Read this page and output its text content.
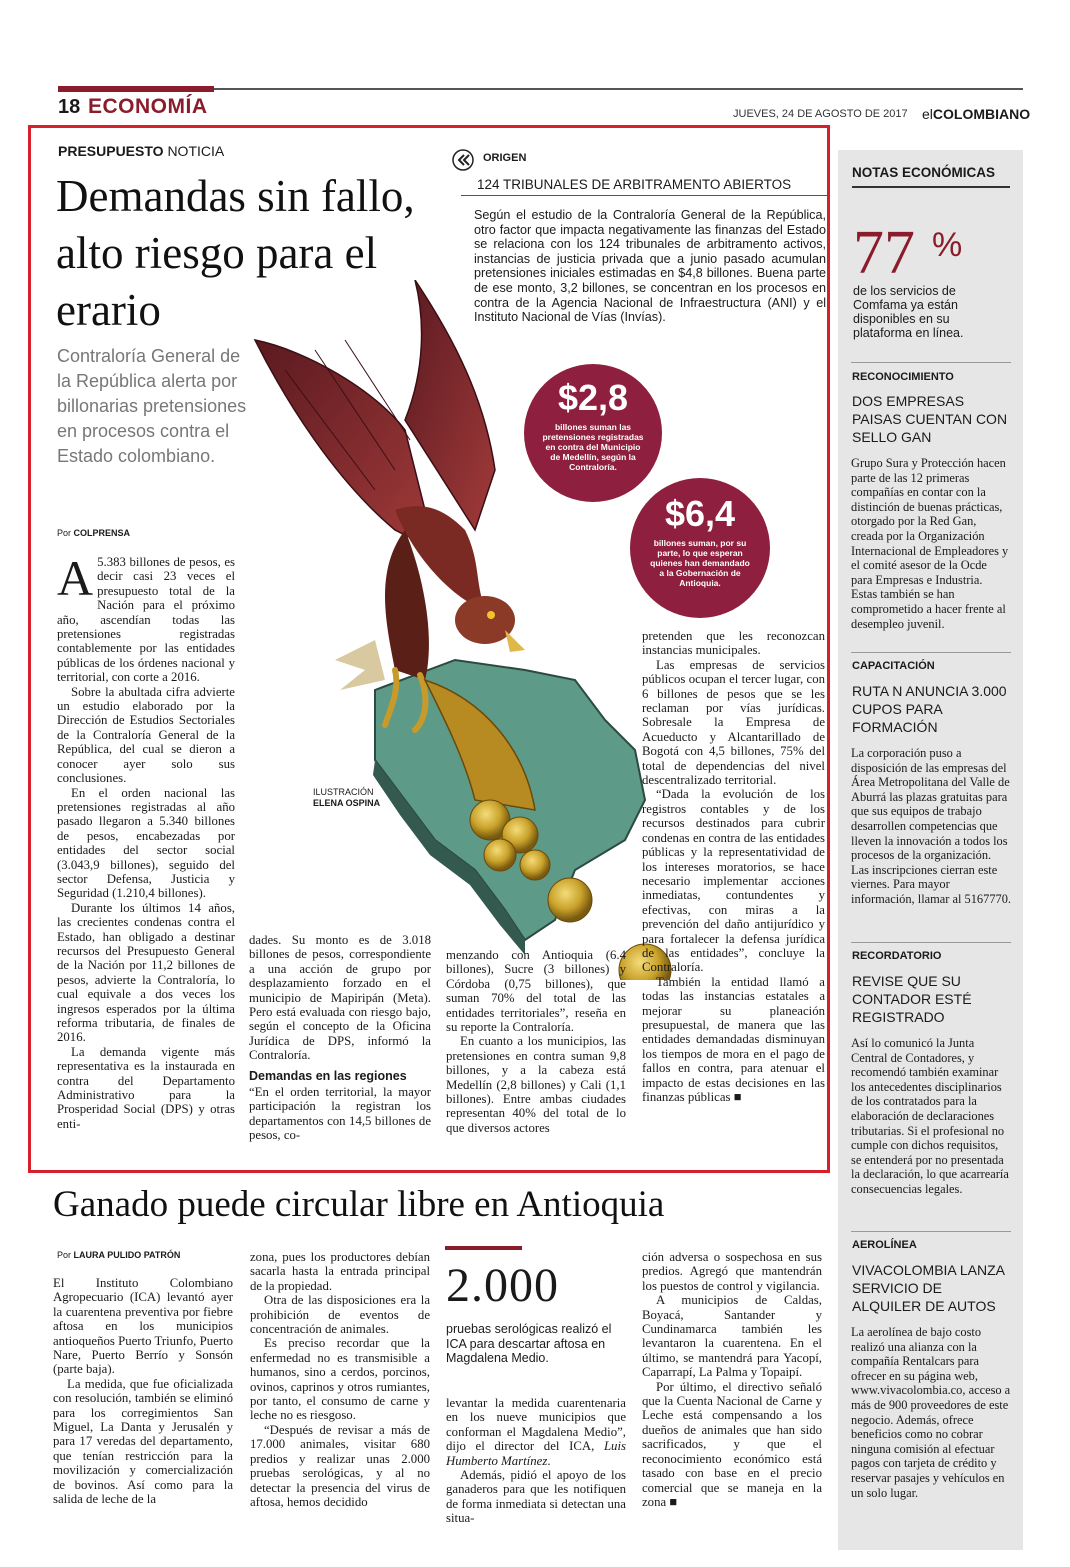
18 ECONOMÍA	JUEVES, 24 DE AGOSTO DE 2017 elCOLOMBIANO
PRESUPUESTO NOTICIA
Demandas sin fallo, alto riesgo para el erario
Contraloría General de la República alerta por billonarias pretensiones en procesos contra el Estado colombiano.
Por COLPRENSA
ILUSTRACIÓN
ELENA OSPINA
ORIGEN
124 TRIBUNALES DE ARBITRAMENTO ABIERTOS
Según el estudio de la Contraloría General de la República, otro factor que impacta negativamente las finanzas del Estado se relaciona con los 124 tribunales de arbitramento activos, instancias de justicia privada que a junio pasado acumulan pretensiones iniciales estimadas en $4,8 billones. Buena parte de ese monto, 3,2 billones, se concentran en los procesos en contra de la Agencia Nacional de Infraestructura (ANI) y el Instituto Nacional de Vías (Invías).
$2,8
billones suman las pretensiones registradas en contra del Municipio de Medellín, según la Contraloría.
$6,4
billones suman, por su parte, lo que esperan quienes han demandado a la Gobernación de Antioquia.

A 5.383 billones de pesos, es decir casi 23 veces el presupuesto total de la Nación para el próximo año, ascendían todas las pretensiones registradas contablemente por las entidades públicas de los órdenes nacional y territorial, con corte a 2016.

Sobre la abultada cifra advierte un estudio elaborado por la Dirección de Estudios Sectoriales de la Contraloría General de la República, del cual se dieron a conocer ayer solo sus conclusiones.

En el orden nacional las pretensiones registradas al año pasado llegaron a 5.340 billones de pesos, encabezadas por entidades del sector social (3.043,9 billones), seguido del sector Defensa, Justicia y Seguridad (1.210,4 billones).

Durante los últimos 14 años, las crecientes condenas contra el Estado, han obligado a destinar recursos del Presupuesto General de la Nación por 11,2 billones de pesos, advierte la Contraloría, lo cual equivale a dos veces los ingresos esperados por la última reforma tributaria, de finales de 2016.

La demanda vigente más representativa es la instaurada en contra del Departamento Administrativo para la Prosperidad Social (DPS) y otras enti-

dades. Su monto es de 3.018 billones de pesos, correspondiente a una acción de grupo por desplazamiento forzado en el municipio de Mapiripán (Meta). Pero está evaluada con riesgo bajo, según el concepto de la Oficina Jurídica de DPS, informó la Contraloría.

Demandas en las regiones

“En el orden territorial, la mayor participación la registran los departamentos con 14,5 billones de pesos, co-

menzando con Antioquia (6.4 billones), Sucre (3 billones) y Córdoba (0,75 billones), que suman 70% del total de las entidades territoriales”, reseña en su reporte la Contraloría.

En cuanto a los municipios, las pretensiones en contra suman 9,8 billones, y a la cabeza está Medellín (2,8 billones) y Cali (1,1 billones). Entre ambas ciudades representan 40% del total de lo que diversos actores

pretenden que les reconozcan instancias municipales.

Las empresas de servicios públicos ocupan el tercer lugar, con 6 billones de pesos que se les reclaman por vías jurídicas. Sobresale la Empresa de Acueducto y Alcantarillado de Bogotá con 4,5 billones, 75% del total de dependencias del nivel descentralizado territorial.

“Dada la evolución de los registros contables y de los recursos destinados para cubrir condenas en contra de las entidades públicas y la representatividad de los intereses moratorios, se hace necesario implementar acciones inmediatas, contundentes y efectivas, con miras a la prevención del daño antijurídico y para fortalecer la defensa jurídica de las entidades”, concluye la Contraloría.

También la entidad llamó a todas las instancias estatales a mejorar su planeación presupuestal, de manera que las entidades demandadas disminuyan los tiempos de mora en el pago de fallos en contra, para atenuar el impacto de estas decisiones en las finanzas públicas ■

NOTAS ECONÓMICAS
77 %
de los servicios de Comfama ya están disponibles en su plataforma en línea.
RECONOCIMIENTO
DOS EMPRESAS PAISAS CUENTAN CON SELLO GAN
Grupo Sura y Protección hacen parte de las 12 primeras compañías en contar con la distinción de buenas prácticas, otorgado por la Red Gan, creada por la Organización Internacional de Empleadores y el comité asesor de la Ocde para Empresas e Industria. Estas también se han comprometido a hacer frente al desempleo juvenil.
CAPACITACIÓN
RUTA N ANUNCIA 3.000 CUPOS PARA FORMACIÓN
La corporación puso a disposición de las empresas del Área Metropolitana del Valle de Aburrá las plazas gratuitas para que sus equipos de trabajo desarrollen competencias que lleven la innovación a todos los procesos de la organización. Las inscripciones cierran este viernes. Para mayor información, llamar al 5167770.
RECORDATORIO
REVISE QUE SU CONTADOR ESTÉ REGISTRADO
Así lo comunicó la Junta Central de Contadores, y recomendó también examinar los antecedentes disciplinarios de los contratados para la elaboración de declaraciones tributarias. Si el profesional no cumple con dichos requisitos, se entenderá por no presentada la declaración, lo que acarrearía consecuencias legales.
AEROLÍNEA
VIVACOLOMBIA LANZA SERVICIO DE ALQUILER DE AUTOS
La aerolínea de bajo costo realizó una alianza con la compañía Rentalcars para ofrecer en su página web, www.vivacolombia.co, acceso a más de 900 proveedores de este negocio. Además, ofrece beneficios como no cobrar ninguna comisión al efectuar pagos con tarjeta de crédito y reservar pasajes y vehículos en un solo lugar.
Ganado puede circular libre en Antioquia
Por LAURA PULIDO PATRÓN

El Instituto Colombiano Agropecuario (ICA) levantó ayer la cuarentena preventiva por fiebre aftosa en los municipios antioqueños Puerto Triunfo, Puerto Nare, Puerto Berrío y Sonsón (parte baja).

La medida, que fue oficializada con resolución, también se eliminó para los corregimientos San Miguel, La Danta y Jerusalén y para 17 veredas del departamento, que tenían restricción para la movilización y comercialización de bovinos. Así como para la salida de leche de la

zona, pues los productores debían sacarla hasta la entrada principal de la propiedad.

Otra de las disposiciones era la prohibición de eventos de concentración de animales.

Es preciso recordar que la enfermedad no es transmisible a humanos, sino a cerdos, porcinos, ovinos, caprinos y otros rumiantes, por tanto, el consumo de carne y leche no es riesgoso.

“Después de revisar a más de 17.000 animales, visitar 680 predios y realizar unas 2.000 pruebas serológicas, y al no detectar la presencia del virus de aftosa, hemos decidido

2.000
pruebas serológicas realizó el ICA para descartar aftosa en Magdalena Medio.

levantar la medida cuarentenaria en los nueve municipios que conforman el Magdalena Medio”, dijo el director del ICA, Luis Humberto Martínez.

Además, pidió el apoyo de los ganaderos para que les notifiquen de forma inmediata si detectan una situa-

ción adversa o sospechosa en sus predios. Agregó que mantendrán los puestos de control y vigilancia.

A municipios de Caldas, Boyacá, Santander y Cundinamarca también les levantaron la cuarentena. En el último, se mantendrá para Yacopí, Caparrapí, La Palma y Topaipí.

Por último, el directivo señaló que la Cuenta Nacional de Carne y Leche está compensando a los dueños de animales que han sido sacrificados, y que el reconocimiento económico está tasado con base en el precio comercial que se maneja en la zona ■
